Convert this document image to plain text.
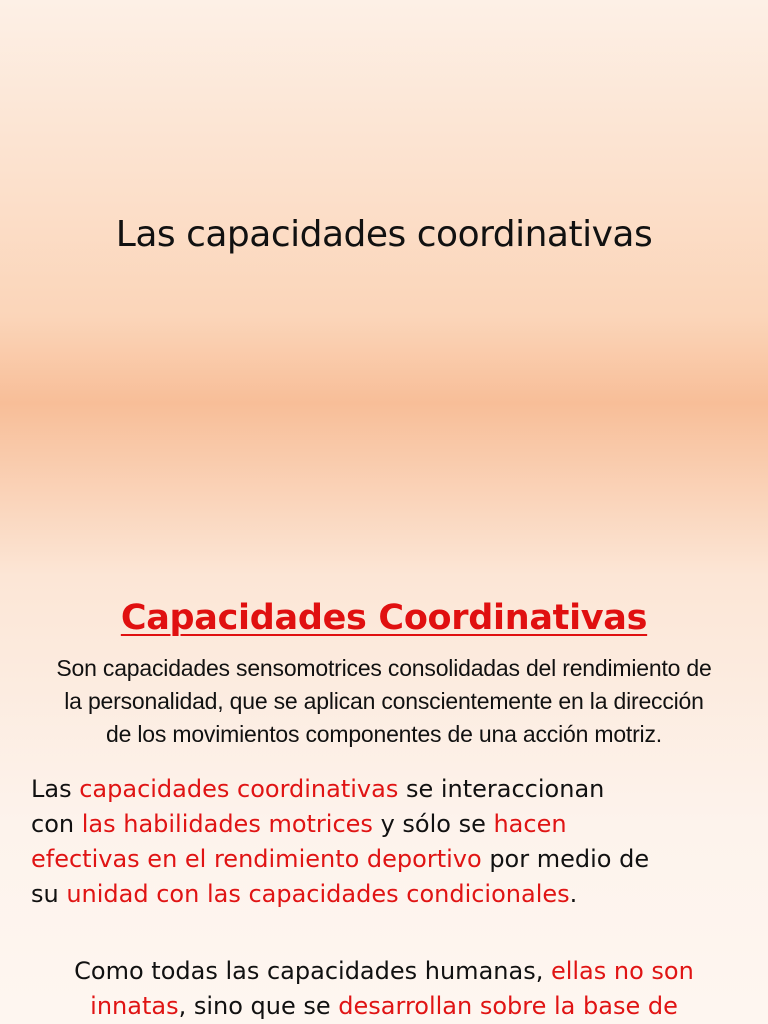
Las capacidades coordinativas
Capacidades Coordinativas
Son capacidades sensomotrices consolidadas del rendimiento de
la personalidad, que se aplican conscientemente en la dirección
de los movimientos componentes de una acción motriz.
Las capacidades coordinativas se interaccionan
con las habilidades motrices y sólo se hacen
efectivas en el rendimiento deportivo por medio de
su unidad con las capacidades condicionales.
Como todas las capacidades humanas, ellas no son
innatas, sino que se desarrollan sobre la base de
